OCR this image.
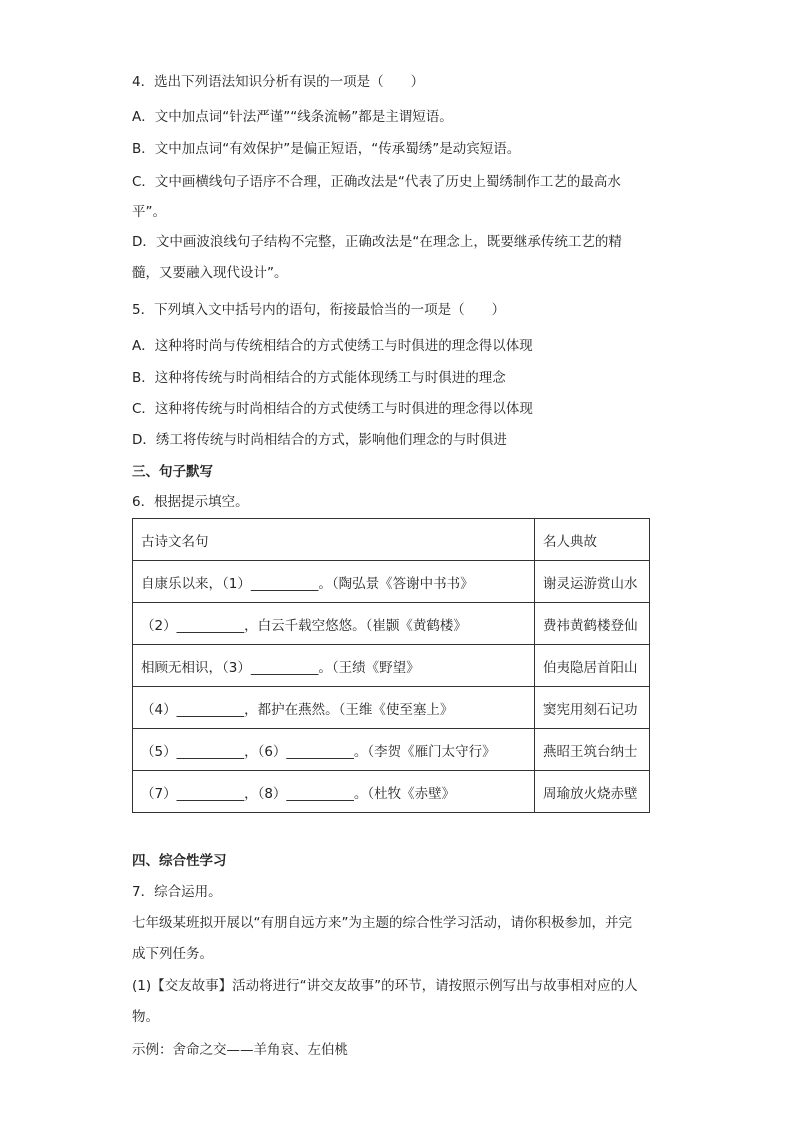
4．选出下列语法知识分析有误的一项是（　　）
A．文中加点词“针法严谨”“线条流畅”都是主谓短语。
B．文中加点词“有效保护”是偏正短语，“传承蜀绣”是动宾短语。
C．文中画横线句子语序不合理，正确改法是“代表了历史上蜀绣制作工艺的最高水
平”。
D．文中画波浪线句子结构不完整，正确改法是“在理念上，既要继承传统工艺的精
髓，又要融入现代设计”。
5．下列填入文中括号内的语句，衔接最恰当的一项是（　　）
A．这种将时尚与传统相结合的方式使绣工与时俱进的理念得以体现
B．这种将传统与时尚相结合的方式能体现绣工与时俱进的理念
C．这种将传统与时尚相结合的方式使绣工与时俱进的理念得以体现
D．绣工将传统与时尚相结合的方式，影响他们理念的与时俱进
三、句子默写
6．根据提示填空。
古诗文名句	名人典故
自康乐以来，（1）__________。（陶弘景《答谢中书书》	谢灵运游赏山水
（2）__________，白云千载空悠悠。（崔颢《黄鹤楼》	费祎黄鹤楼登仙
相顾无相识，（3）__________。（王绩《野望》	伯夷隐居首阳山
（4）__________，都护在燕然。（王维《使至塞上》	窦宪用刻石记功
（5）__________，（6）__________。（李贺《雁门太守行》	燕昭王筑台纳士
（7）__________，（8）__________。（杜牧《赤壁》	周瑜放火烧赤壁
四、综合性学习
7．综合运用。
七年级某班拟开展以“有朋自远方来”为主题的综合性学习活动，请你积极参加，并完
成下列任务。
(1)【交友故事】活动将进行“讲交友故事”的环节，请按照示例写出与故事相对应的人
物。
示例：舍命之交——羊角哀、左伯桃
